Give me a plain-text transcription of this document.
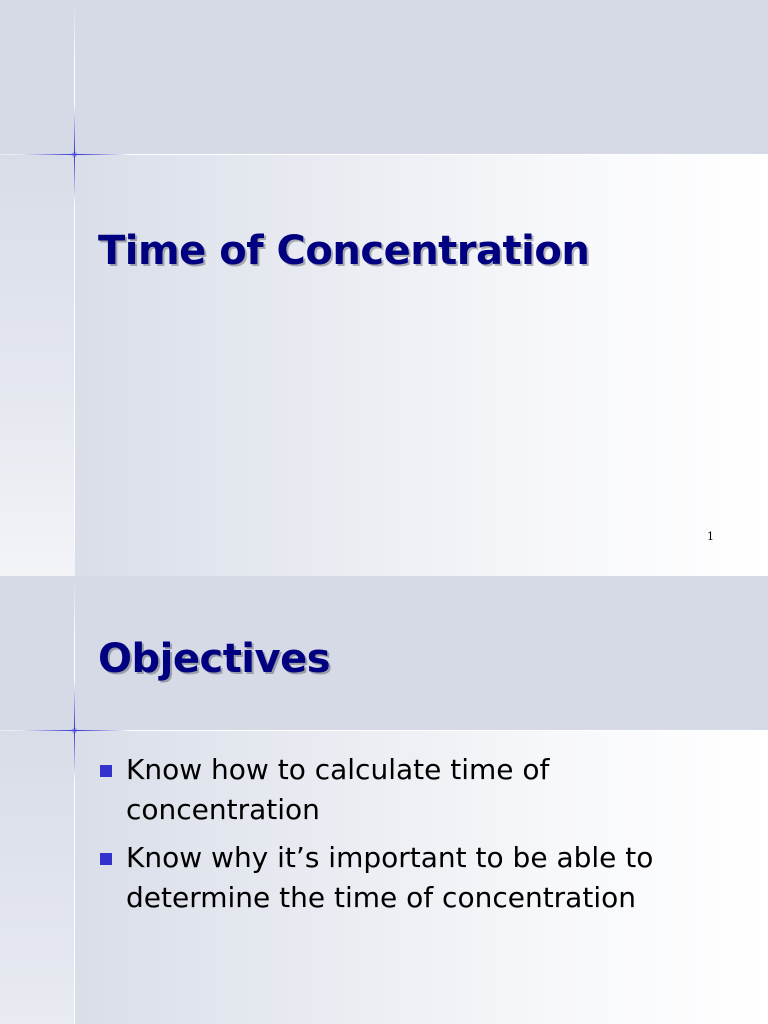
Time of Concentration
1
Objectives
Know how to calculate time of concentration
Know why it’s important to be able to determine the time of concentration
